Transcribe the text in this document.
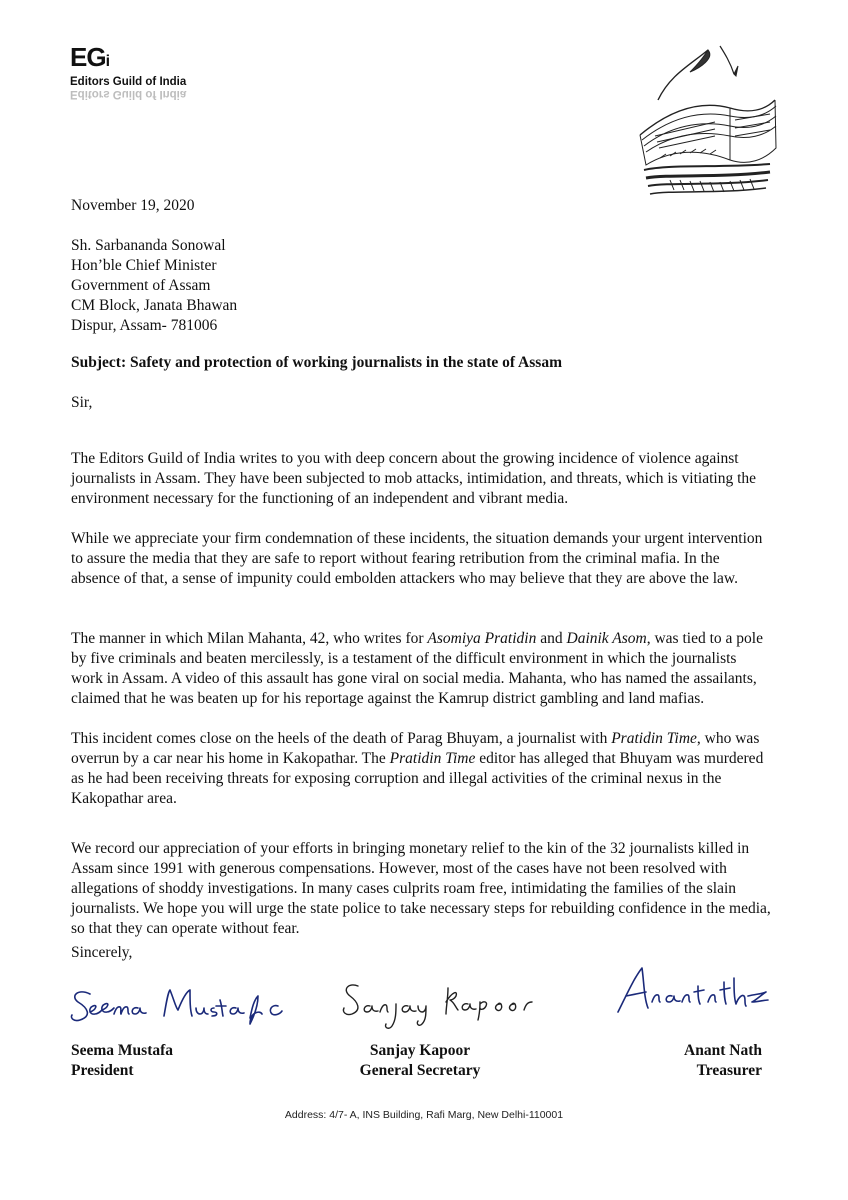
EGi
Editors Guild of India
Editors Guild of India
November 19, 2020
Sh. Sarbananda Sonowal
Hon’ble Chief Minister
Government of Assam
CM Block, Janata Bhawan
Dispur, Assam- 781006
Subject: Safety and protection of working journalists in the state of Assam
Sir,

The Editors Guild of India writes to you with deep concern about the growing incidence of violence against journalists in Assam. They have been subjected to mob attacks, intimidation, and threats, which is vitiating the environment necessary for the functioning of an independent and vibrant media.

While we appreciate your firm condemnation of these incidents, the situation demands your urgent intervention to assure the media that they are safe to report without fearing retribution from the criminal mafia. In the absence of that, a sense of impunity could embolden attackers who may believe that they are above the law.

The manner in which Milan Mahanta, 42, who writes for Asomiya Pratidin and Dainik Asom, was tied to a pole by five criminals and beaten mercilessly, is a testament of the difficult environment in which the journalists work in Assam. A video of this assault has gone viral on social media. Mahanta, who has named the assailants, claimed that he was beaten up for his reportage against the Kamrup district gambling and land mafias.

This incident comes close on the heels of the death of Parag Bhuyam, a journalist with Pratidin Time, who was overrun by a car near his home in Kakopathar. The Pratidin Time editor has alleged that Bhuyam was murdered as he had been receiving threats for exposing corruption and illegal activities of the criminal nexus in the Kakopathar area.

We record our appreciation of your efforts in bringing monetary relief to the kin of the 32 journalists killed in Assam since 1991 with generous compensations. However, most of the cases have not been resolved with allegations of shoddy investigations. In many cases culprits roam free, intimidating the families of the slain journalists. We hope you will urge the state police to take necessary steps for rebuilding confidence in the media, so that they can operate without fear.

Sincerely,
Seema Mustafa
President
Sanjay Kapoor
General Secretary
Anant Nath
Treasurer
Address: 4/7- A, INS Building, Rafi Marg, New Delhi-110001
